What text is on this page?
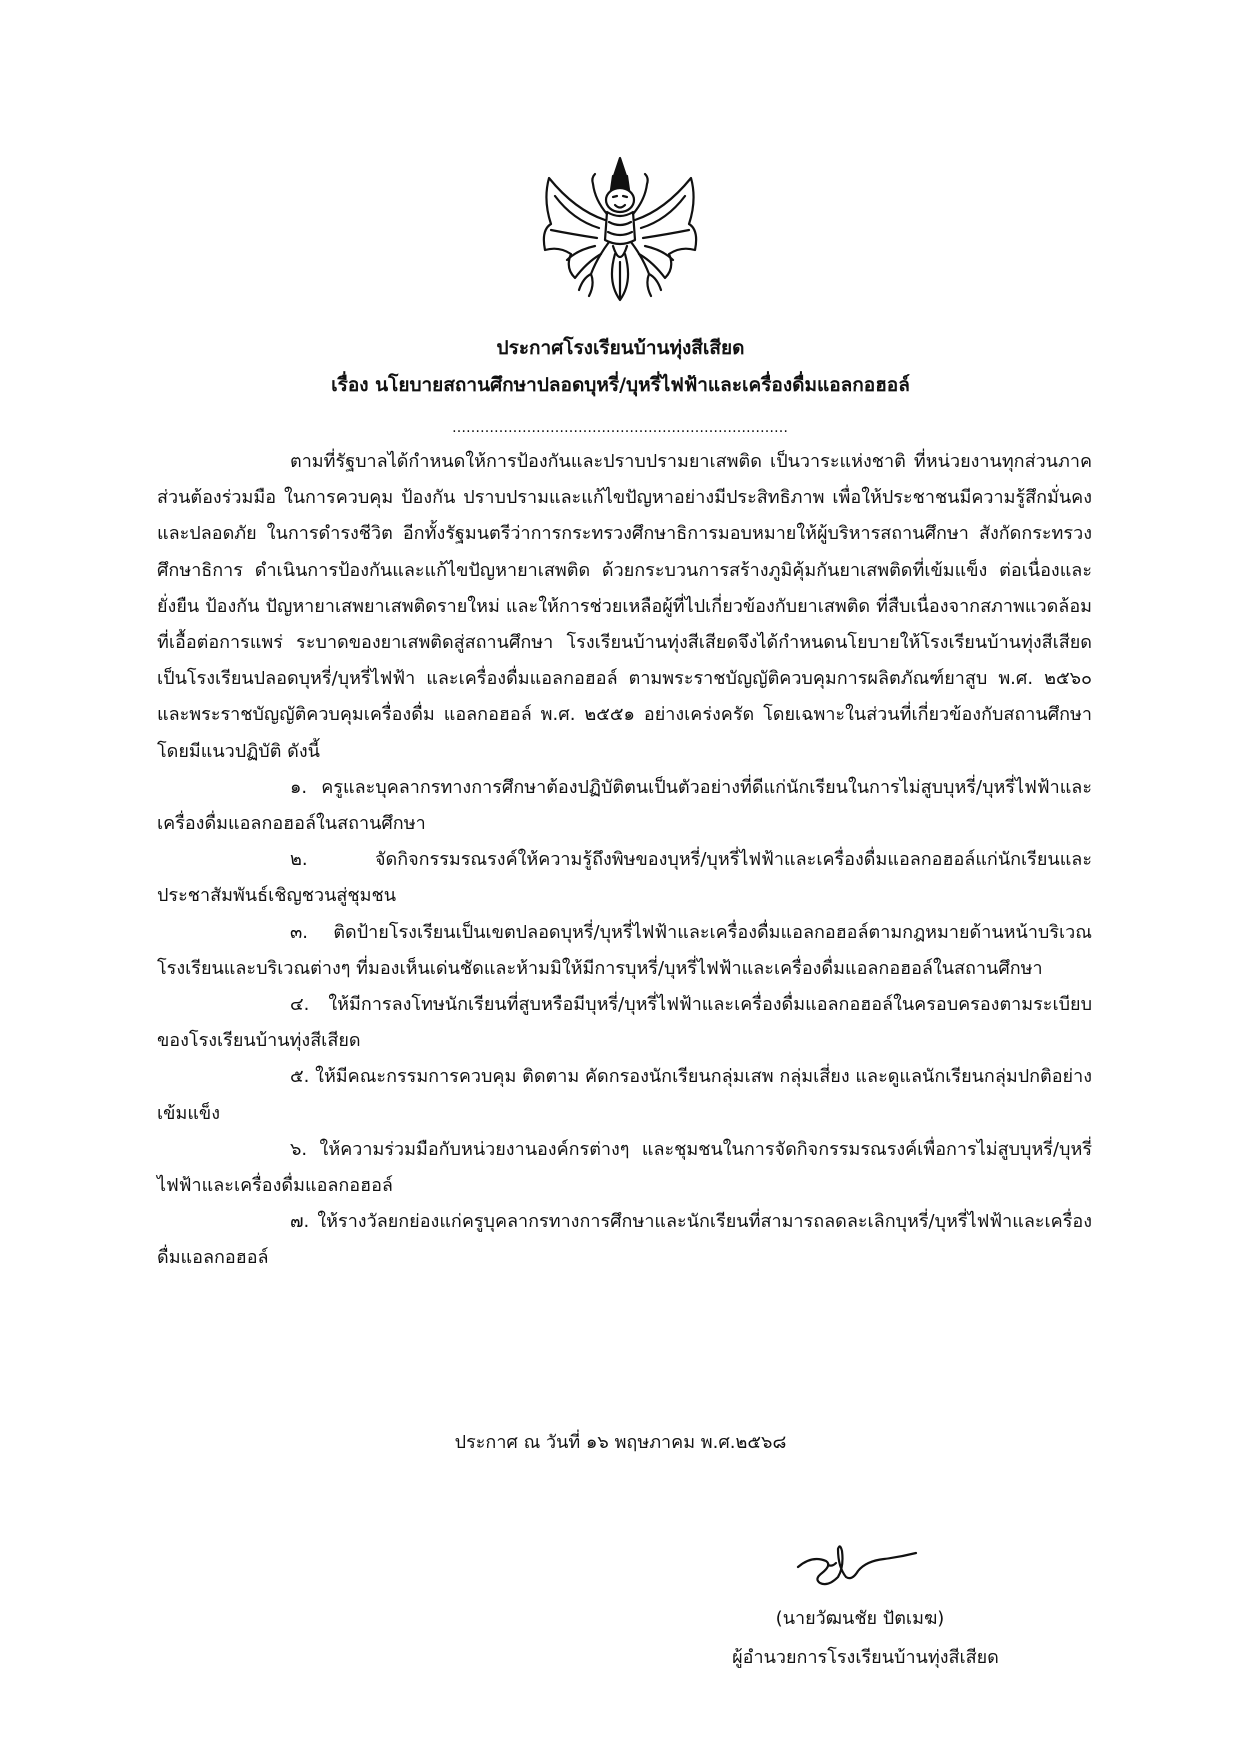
ประกาศโรงเรียนบ้านทุ่งสีเสียด
เรื่อง นโยบายสถานศึกษาปลอดบุหรี่/บุหรี่ไฟฟ้าและเครื่องดื่มแอลกอฮอล์
………………………………………………………………

ตามที่รัฐบาลได้กำหนดให้การป้องกันและปราบปรามยาเสพติด เป็นวาระแห่งชาติ ที่หน่วยงานทุกส่วนภาคส่วนต้องร่วมมือ ในการควบคุม ป้องกัน ปราบปรามและแก้ไขปัญหาอย่างมีประสิทธิภาพ เพื่อให้ประชาชนมีความรู้สึกมั่นคงและปลอดภัย ในการดำรงชีวิต อีกทั้งรัฐมนตรีว่าการกระทรวงศึกษาธิการมอบหมายให้ผู้บริหารสถานศึกษา สังกัดกระทรวงศึกษาธิการ ดำเนินการป้องกันและแก้ไขปัญหายาเสพติด ด้วยกระบวนการสร้างภูมิคุ้มกันยาเสพติดที่เข้มแข็ง ต่อเนื่องและยั่งยืน ป้องกัน ปัญหายาเสพยาเสพติดรายใหม่ และให้การช่วยเหลือผู้ที่ไปเกี่ยวข้องกับยาเสพติด ที่สืบเนื่องจากสภาพแวดล้อมที่เอื้อต่อการแพร่ ระบาดของยาเสพติดสู่สถานศึกษา โรงเรียนบ้านทุ่งสีเสียดจึงได้กำหนดนโยบายให้โรงเรียนบ้านทุ่งสีเสียดเป็นโรงเรียนปลอดบุหรี่/บุหรี่ไฟฟ้า และเครื่องดื่มแอลกอฮอล์ ตามพระราชบัญญัติควบคุมการผลิตภัณฑ์ยาสูบ พ.ศ. ๒๕๖๐ และพระราชบัญญัติควบคุมเครื่องดื่ม แอลกอฮอล์ พ.ศ. ๒๕๕๑ อย่างเคร่งครัด โดยเฉพาะในส่วนที่เกี่ยวข้องกับสถานศึกษา โดยมีแนวปฏิบัติ ดังนี้

๑. ครูและบุคลากรทางการศึกษาต้องปฏิบัติตนเป็นตัวอย่างที่ดีแก่นักเรียนในการไม่สูบบุหรี่/บุหรี่ไฟฟ้าและเครื่องดื่มแอลกอฮอล์ในสถานศึกษา

๒. จัดกิจกรรมรณรงค์ให้ความรู้ถึงพิษของบุหรี่/บุหรี่ไฟฟ้าและเครื่องดื่มแอลกอฮอล์แก่นักเรียนและประชาสัมพันธ์เชิญชวนสู่ชุมชน

๓. ติดป้ายโรงเรียนเป็นเขตปลอดบุหรี่/บุหรี่ไฟฟ้าและเครื่องดื่มแอลกอฮอล์ตามกฎหมายด้านหน้าบริเวณโรงเรียนและบริเวณต่างๆ ที่มองเห็นเด่นชัดและห้ามมิให้มีการบุหรี่/บุหรี่ไฟฟ้าและเครื่องดื่มแอลกอฮอล์ในสถานศึกษา

๔. ให้มีการลงโทษนักเรียนที่สูบหรือมีบุหรี่/บุหรี่ไฟฟ้าและเครื่องดื่มแอลกอฮอล์ในครอบครองตามระเบียบของโรงเรียนบ้านทุ่งสีเสียด

๕. ให้มีคณะกรรมการควบคุม ติดตาม คัดกรองนักเรียนกลุ่มเสพ กลุ่มเสี่ยง และดูแลนักเรียนกลุ่มปกติอย่างเข้มแข็ง

๖. ให้ความร่วมมือกับหน่วยงานองค์กรต่างๆ และชุมชนในการจัดกิจกรรมรณรงค์เพื่อการไม่สูบบุหรี่/บุหรี่ไฟฟ้าและเครื่องดื่มแอลกอฮอล์

๗. ให้รางวัลยกย่องแก่ครูบุคลากรทางการศึกษาและนักเรียนที่สามารถลดละเลิกบุหรี่/บุหรี่ไฟฟ้าและเครื่องดื่มแอลกอฮอล์

ประกาศ ณ วันที่ ๑๖ พฤษภาคม พ.ศ.๒๕๖๘
(นายวัฒนชัย ปัตเมฆ)
ผู้อำนวยการโรงเรียนบ้านทุ่งสีเสียด
